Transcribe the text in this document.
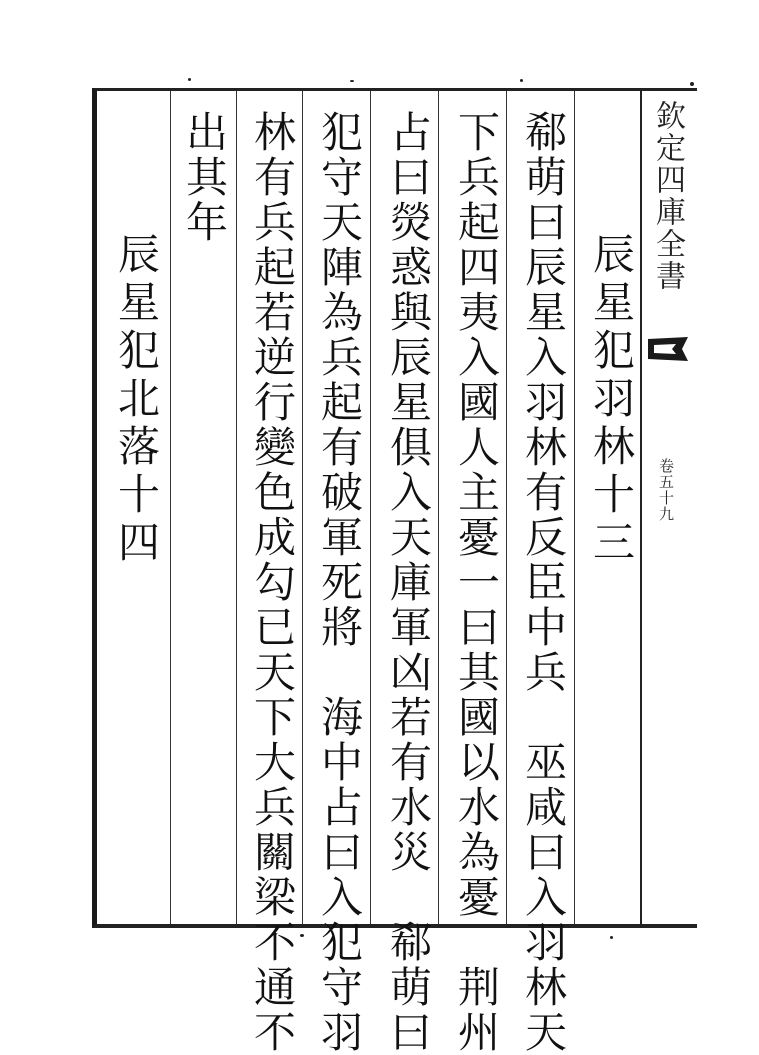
欽定四庫全書
卷五十九
辰星犯羽林十三
郗萌曰辰星入羽林有反臣中兵　巫咸曰入羽林天
下兵起四夷入國人主憂一曰其國以水為憂　荆州
占曰熒惑與辰星俱入天庫軍凶若有水災　郗萌曰
犯守天陣為兵起有破軍死將　海中占曰入犯守羽
林有兵起若逆行變色成勾已天下大兵關梁不通不
出其年
辰星犯北落十四
